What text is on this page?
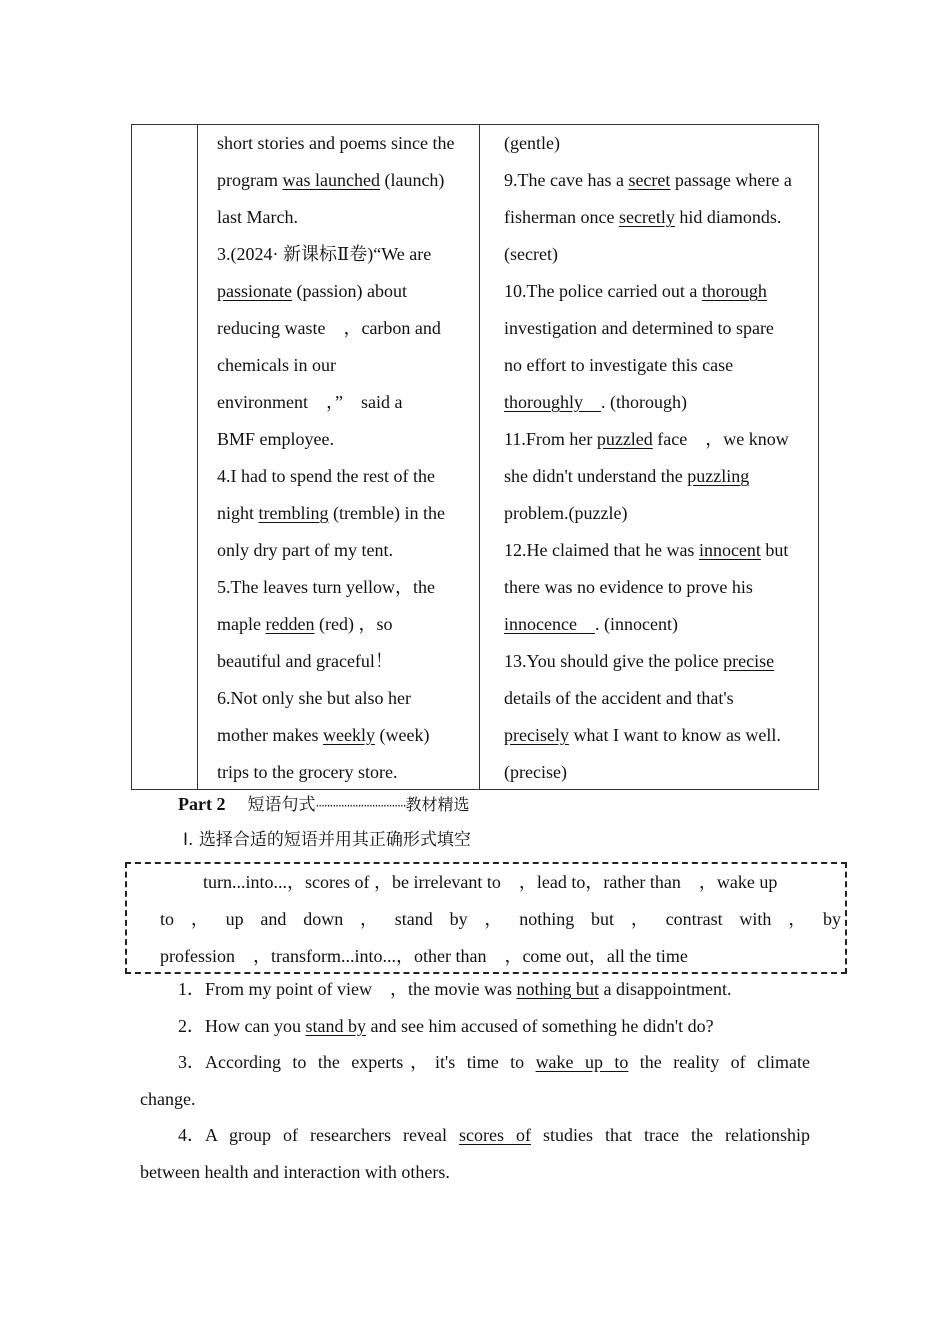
short stories and poems since the
program was launched (launch)
last March.
3.(2024· 新课标Ⅱ卷)“We are
passionate (passion) about
reducing waste　，carbon and
chemicals in our
environment　，”　said a
BMF employee.
4.I had to spend the rest of the
night trembling (tremble) in the
only dry part of my tent.
5.The leaves turn yellow，the
maple redden (red) ，so
beautiful and graceful！
6.Not only she but also her
mother makes weekly (week)
trips to the grocery store.
(gentle)
9.The cave has a secret passage where a
fisherman once secretly hid diamonds.
(secret)
10.The police carried out a thorough
investigation and determined to spare
no effort to investigate this case
thoroughly　. (thorough)
11.From her puzzled face　，we know
she didn't understand the puzzling
problem.(puzzle)
12.He claimed that he was innocent but
there was no evidence to prove his
innocence　. (innocent)
13.You should give the police precise
details of the accident and that's
precisely what I want to know as well.
(precise)
Part 2 短语句式································教材精选
Ⅰ. 选择合适的短语并用其正确形式填空
turn...into...，scores of ，be irrelevant to　，lead to，rather than　，wake up
to ， up and down ， stand by ， nothing but ， contrast with ， by
profession　，transform...into...，other than　，come out，all the time
1．From my point of view　，the movie was nothing but a disappointment.
2．How can you stand by and see him accused of something he didn't do?
3．According to the experts，it's time to wake up to the reality of climate
change.
4．A group of researchers reveal scores of studies that trace the relationship
between health and interaction with others.
